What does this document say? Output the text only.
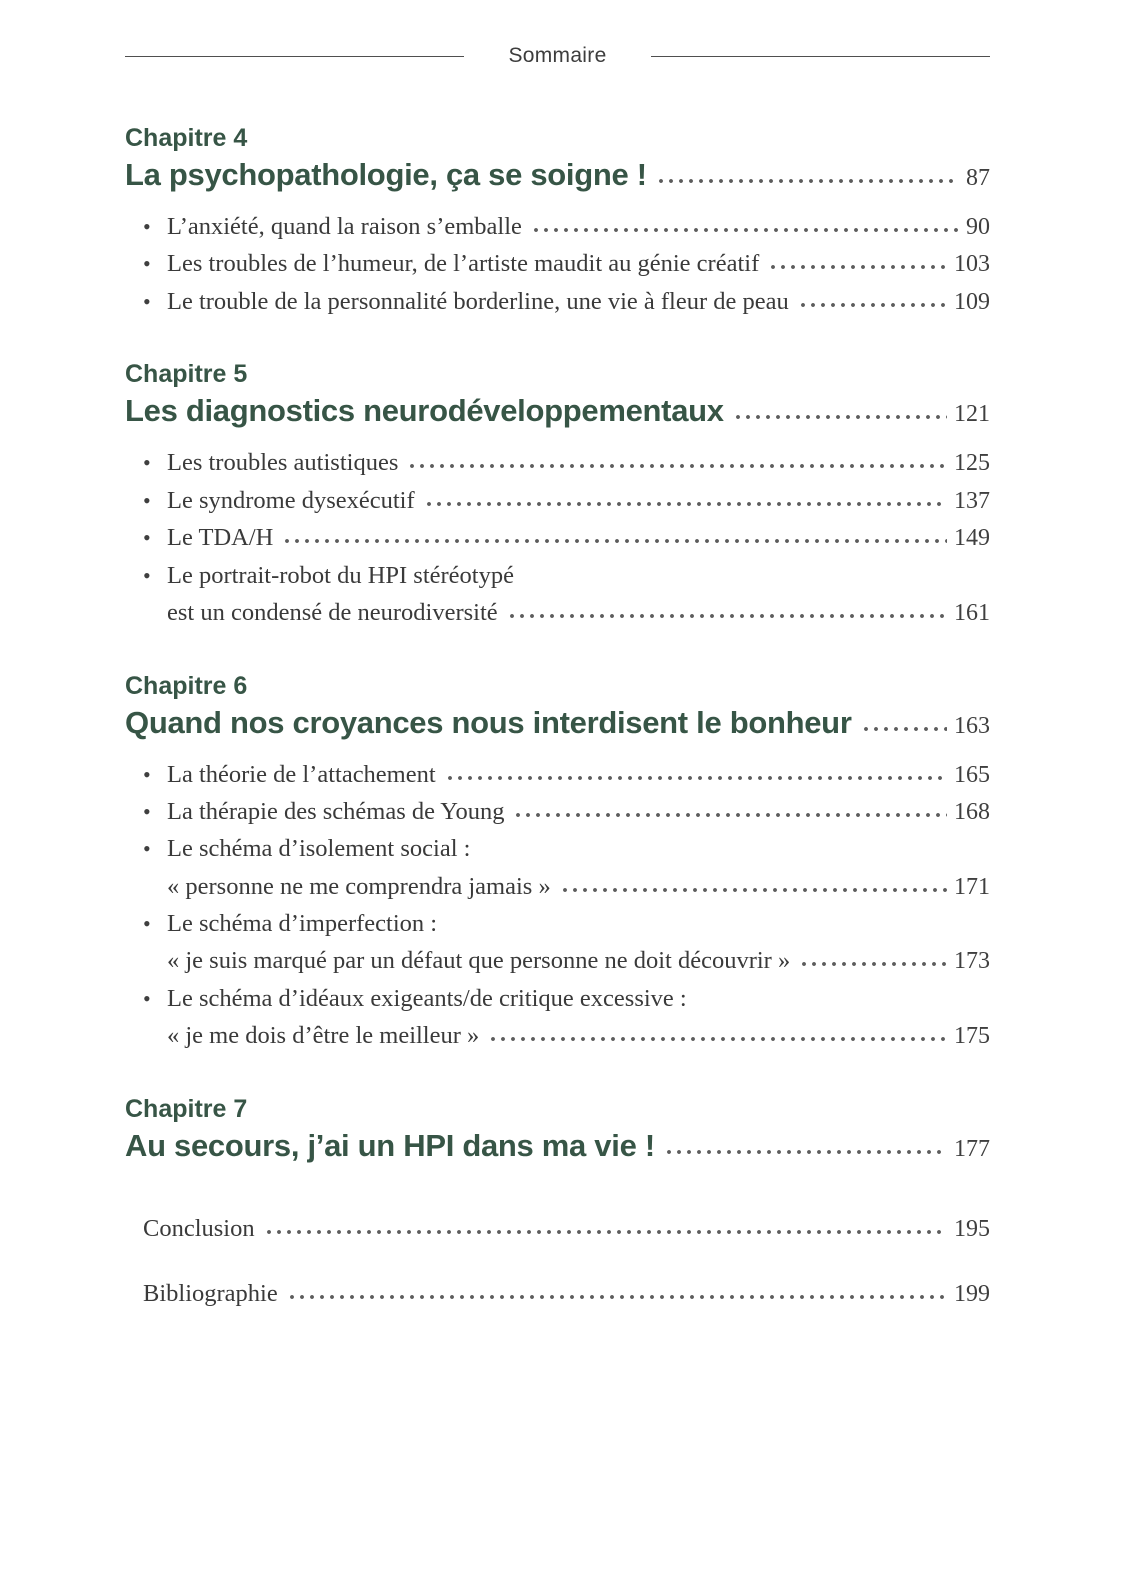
Sommaire
Chapitre 4
La psychopathologie, ça se soigne !	87
• L’anxiété, quand la raison s’emballe	90
• Les troubles de l’humeur, de l’artiste maudit au génie créatif	103
• Le trouble de la personnalité borderline, une vie à fleur de peau	109
Chapitre 5
Les diagnostics neurodéveloppementaux	121
• Les troubles autistiques	125
• Le syndrome dysexécutif	137
• Le TDA/H	149
• Le portrait-robot du HPI stéréotypé
est un condensé de neurodiversité	161
Chapitre 6
Quand nos croyances nous interdisent le bonheur	163
• La théorie de l’attachement	165
• La thérapie des schémas de Young	168
• Le schéma d’isolement social :
« personne ne me comprendra jamais »	171
• Le schéma d’imperfection :
« je suis marqué par un défaut que personne ne doit découvrir »	173
• Le schéma d’idéaux exigeants/de critique excessive :
« je me dois d’être le meilleur »	175
Chapitre 7
Au secours, j’ai un HPI dans ma vie !	177
Conclusion	195
Bibliographie	199
